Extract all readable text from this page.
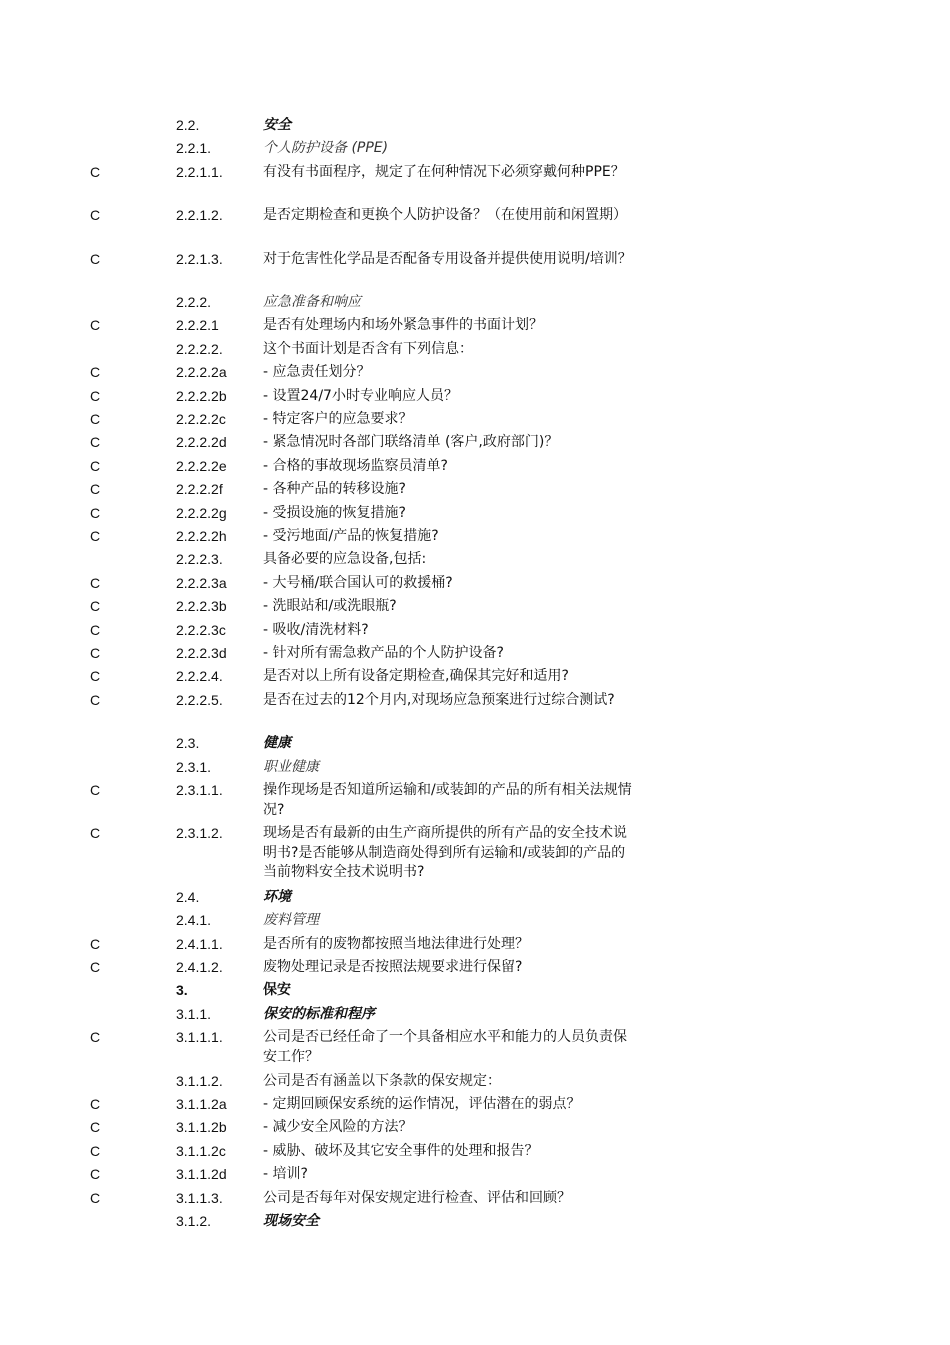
2.2.	安全
2.2.1.	个人防护设备 (PPE)
C	2.2.1.1.	有没有书面程序，规定了在何种情况下必须穿戴何种PPE？
C	2.2.1.2.	是否定期检查和更换个人防护设备？（在使用前和闲置期）
C	2.2.1.3.	对于危害性化学品是否配备专用设备并提供使用说明/培训？
2.2.2.	应急准备和响应
C	2.2.2.1	是否有处理场内和场外紧急事件的书面计划？
2.2.2.2.	这个书面计划是否含有下列信息：
C	2.2.2.2a	- 应急责任划分？
C	2.2.2.2b	- 设置24/7小时专业响应人员？
C	2.2.2.2c	- 特定客户的应急要求？
C	2.2.2.2d	- 紧急情况时各部门联络清单 (客户,政府部门)？
C	2.2.2.2e	- 合格的事故现场监察员清单?
C	2.2.2.2f	- 各种产品的转移设施?
C	2.2.2.2g	- 受损设施的恢复措施?
C	2.2.2.2h	- 受污地面/产品的恢复措施?
2.2.2.3.	具备必要的应急设备,包括:
C	2.2.2.3a	- 大号桶/联合国认可的救援桶?
C	2.2.2.3b	- 洗眼站和/或洗眼瓶?
C	2.2.2.3c	- 吸收/清洗材料?
C	2.2.2.3d	- 针对所有需急救产品的个人防护设备?
C	2.2.2.4.	是否对以上所有设备定期检查,确保其完好和适用?
C	2.2.2.5.	是否在过去的12个月内,对现场应急预案进行过综合测试?
2.3.	健康
2.3.1.	职业健康
C	2.3.1.1.	操作现场是否知道所运输和/或装卸的产品的所有相关法规情况?
C	2.3.1.2.	现场是否有最新的由生产商所提供的所有产品的安全技术说明书?是否能够从制造商处得到所有运输和/或装卸的产品的当前物料安全技术说明书?
2.4.	环境
2.4.1.	废料管理
C	2.4.1.1.	是否所有的废物都按照当地法律进行处理？
C	2.4.1.2.	废物处理记录是否按照法规要求进行保留?
3.	保安
3.1.1.	保安的标准和程序
C	3.1.1.1.	公司是否已经任命了一个具备相应水平和能力的人员负责保安工作？
3.1.1.2.	公司是否有涵盖以下条款的保安规定：
C	3.1.1.2a	- 定期回顾保安系统的运作情况，评估潜在的弱点？
C	3.1.1.2b	- 减少安全风险的方法？
C	3.1.1.2c	- 威胁、破坏及其它安全事件的处理和报告？
C	3.1.1.2d	- 培训?
C	3.1.1.3.	公司是否每年对保安规定进行检查、评估和回顾？
3.1.2.	现场安全
